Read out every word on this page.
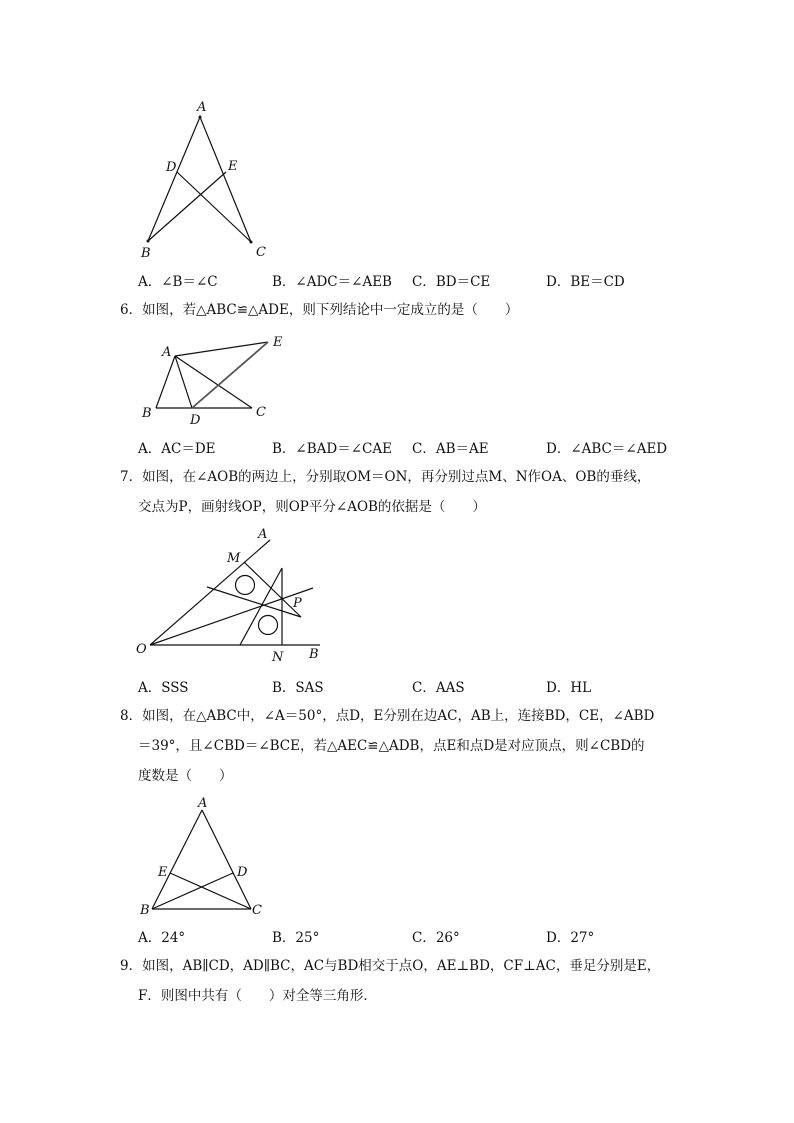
A
D	E
B	C
A．∠B＝∠C	B．∠ADC＝∠AEB C．BD＝CE	D．BE＝CD
6．如图，若△ABC≌△ADE，则下列结论中一定成立的是（　　）
A
E
B	D
C
A．AC＝DE	B．∠BAD＝∠CAE C．AB＝AE	D．∠ABC＝∠AED
7．如图，在∠AOB的两边上，分别取OM＝ON，再分别过点M、N作OA、OB的垂线，
交点为P，画射线OP，则OP平分∠AOB的依据是（　　）
A
M
P
O
N B
A．SSS	B．SAS	C．AAS	D．HL
8．如图，在△ABC中，∠A＝50°，点D，E分别在边AC，AB上，连接BD，CE，∠ABD
＝39°，且∠CBD＝∠BCE，若△AEC≌△ADB，点E和点D是对应顶点，则∠CBD的
度数是（　　）
A
E	D
B	C
A．24°	B．25°	C．26°	D．27°
9．如图，AB∥CD，AD∥BC，AC与BD相交于点O，AE⊥BD，CF⊥AC，垂足分别是E，
F．则图中共有（　　）对全等三角形．
